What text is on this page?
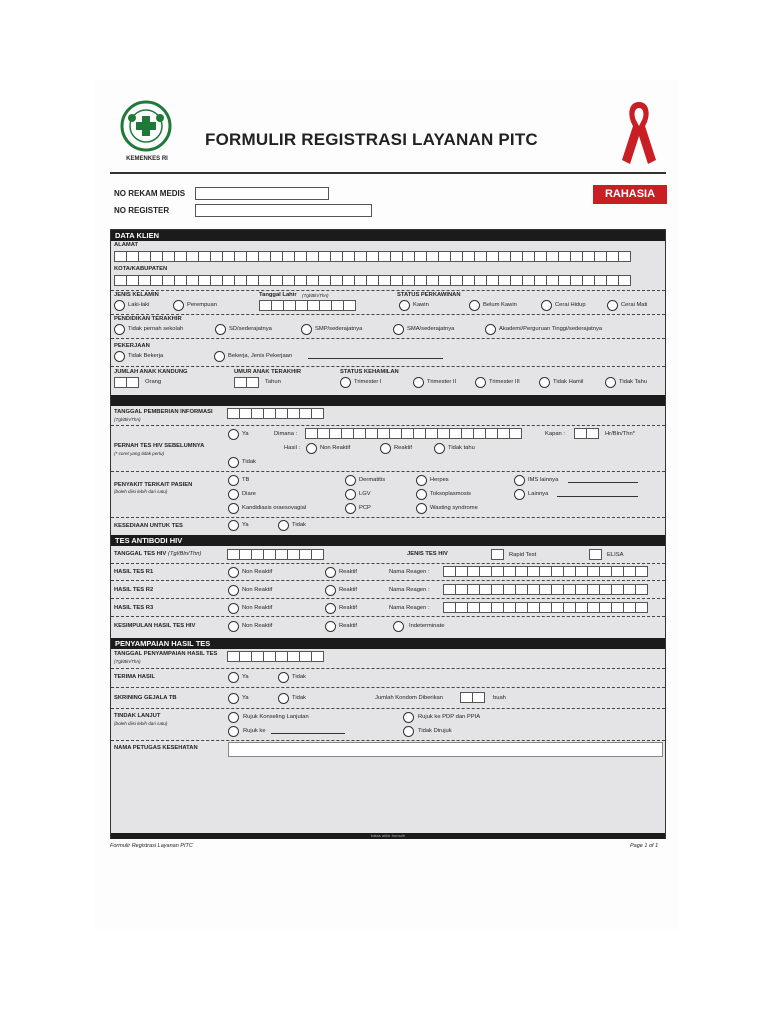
KEMENKES RI
FORMULIR REGISTRASI LAYANAN PITC
NO REKAM MEDIS
NO REGISTER
RAHASIA
DATA KLIEN
ALAMAT
KOTA/KABUPATEN
JENIS KELAMIN
Laki-laki	Perempuan
Tanggal Lahir (Tgl/Bln/Thn)	STATUS PERKAWINAN
Kawin	Belum Kawin	Cerai Hidup	Cerai Mati
PENDIDIKAN TERAKHIR
Tidak pernah sekolah	SD/sederajatnya	SMP/sederajatnya	SMA/sederajatnya	Akademi/Perguruan Tinggi/sederajatnya
PEKERJAAN
Tidak Bekerja	Bekerja, Jenis Pekerjaan
JUMLAH ANAK KANDUNG
Orang
UMUR ANAK TERAKHIR
Tahun
STATUS KEHAMILAN
Trimester I	Trimester II	Trimester III	Tidak Hamil	Tidak Tahu
TANGGAL PEMBERIAN INFORMASI
(Tgl/Bln/Thn)
PERNAH TES HIV SEBELUMNYA
(* coret yang tidak perlu)
Ya	Dimana :	Kapan :	Hr/Bln/Thn*
Hasil :	Non Reaktif	Reaktif	Tidak tahu
Tidak
PENYAKIT TERKAIT PASIEN
(boleh diisi lebih dari satu)
TB	Dermatitis	Herpes	IMS lainnya
Diare	LGV	Toksoplasmosis	Lainnya
Kandidiasis oraesovagial	PCP	Wasting syndrome
KESEDIAAN UNTUK TES	Ya	Tidak
TES ANTIBODI HIV
TANGGAL TES HIV (Tgl/Bln/Thn)	JENIS TES HIV	Rapid Test	ELISA
HASIL TES R1	Non Reaktif	Reaktif	Nama Reagen :
HASIL TES R2	Non Reaktif	Reaktif	Nama Reagen :
HASIL TES R3	Non Reaktif	Reaktif	Nama Reagen :
KESIMPULAN HASIL TES HIV	Non Reaktif	Reaktif	Indeterminate
PENYAMPAIAN HASIL TES
TANGGAL PENYAMPAIAN HASIL TES
(Tgl/Bln/Thn)
TERIMA HASIL	Ya	Tidak
SKRINING GEJALA TB	Ya	Tidak	Jumlah Kondom Diberikan	buah
TINDAK LANJUT
(boleh diisi lebih dari satu)
Rujuk Konseling Lanjutan	Rujuk ke PDP dan PPIA
Rujuk ke	Tidak Dirujuk
NAMA PETUGAS KESEHATAN
batas akhir formulir
Formulir Registrasi Layanan PITC	Page 1 of 1
